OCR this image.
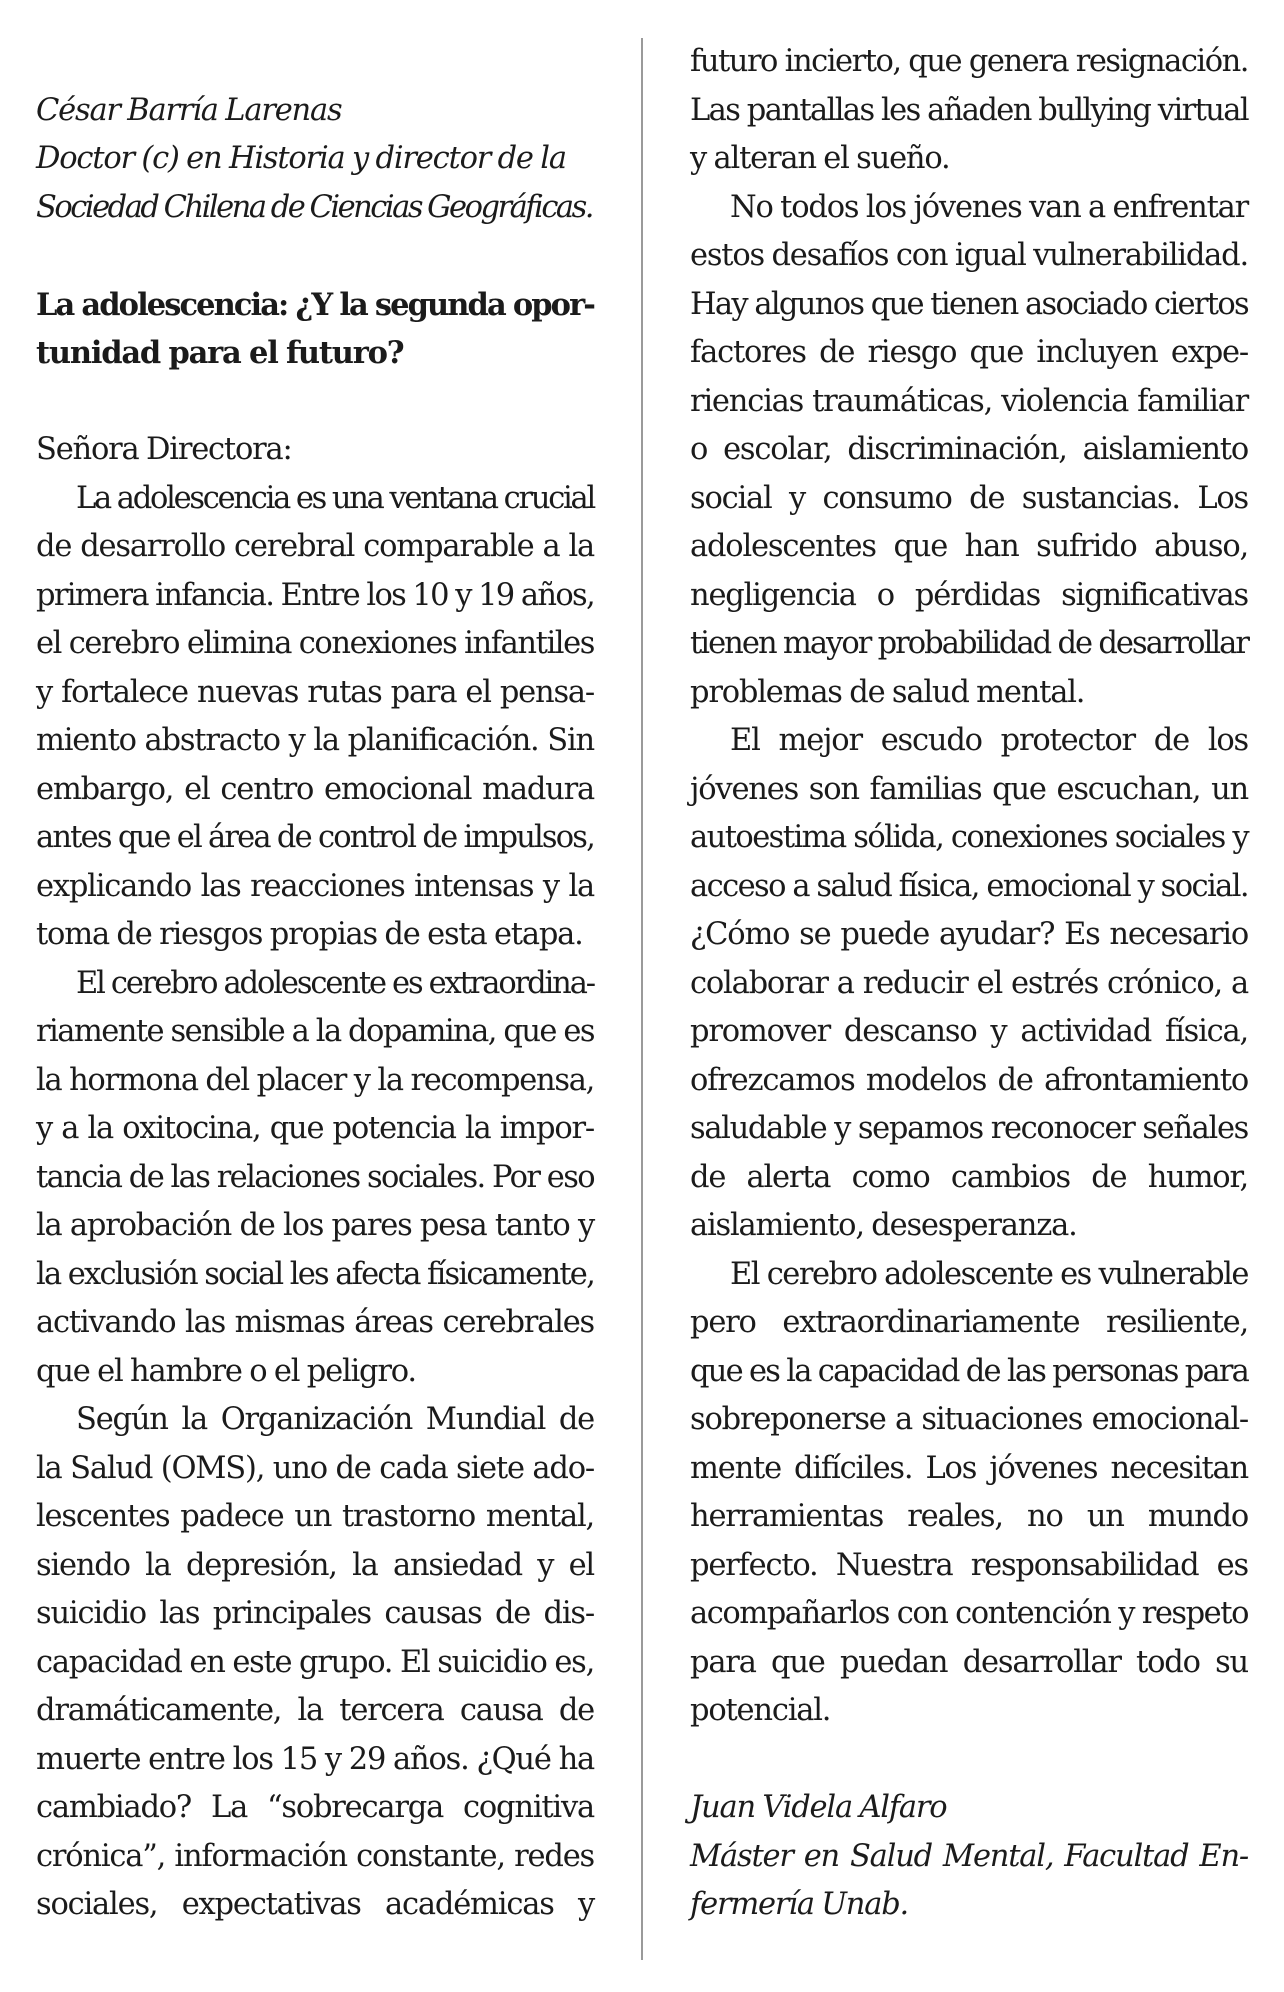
César Barría Larenas
Doctor (c) en Historia y director de la
Sociedad Chilena de Ciencias Geográficas.
La adolescencia: ¿Y la segunda opor-
tunidad para el futuro?
Señora Directora:
La adolescencia es una ventana crucial
de desarrollo cerebral comparable a la
primera infancia. Entre los 10 y 19 años,
el cerebro elimina conexiones infantiles
y fortalece nuevas rutas para el pensa-
miento abstracto y la planificación. Sin
embargo, el centro emocional madura
antes que el área de control de impulsos,
explicando las reacciones intensas y la
toma de riesgos propias de esta etapa.
El cerebro adolescente es extraordina-
riamente sensible a la dopamina, que es
la hormona del placer y la recompensa,
y a la oxitocina, que potencia la impor-
tancia de las relaciones sociales. Por eso
la aprobación de los pares pesa tanto y
la exclusión social les afecta físicamente,
activando las mismas áreas cerebrales
que el hambre o el peligro.
Según la Organización Mundial de
la Salud (OMS), uno de cada siete ado-
lescentes padece un trastorno mental,
siendo la depresión, la ansiedad y el
suicidio las principales causas de dis-
capacidad en este grupo. El suicidio es,
dramáticamente, la tercera causa de
muerte entre los 15 y 29 años. ¿Qué ha
cambiado? La “sobrecarga cognitiva
crónica”, información constante, redes
sociales, expectativas académicas y
futuro incierto, que genera resignación.
Las pantallas les añaden bullying virtual
y alteran el sueño.
No todos los jóvenes van a enfrentar
estos desafíos con igual vulnerabilidad.
Hay algunos que tienen asociado ciertos
factores de riesgo que incluyen expe-
riencias traumáticas, violencia familiar
o escolar, discriminación, aislamiento
social y consumo de sustancias. Los
adolescentes que han sufrido abuso,
negligencia o pérdidas significativas
tienen mayor probabilidad de desarrollar
problemas de salud mental.
El mejor escudo protector de los
jóvenes son familias que escuchan, un
autoestima sólida, conexiones sociales y
acceso a salud física, emocional y social.
¿Cómo se puede ayudar? Es necesario
colaborar a reducir el estrés crónico, a
promover descanso y actividad física,
ofrezcamos modelos de afrontamiento
saludable y sepamos reconocer señales
de alerta como cambios de humor,
aislamiento, desesperanza.
El cerebro adolescente es vulnerable
pero extraordinariamente resiliente,
que es la capacidad de las personas para
sobreponerse a situaciones emocional-
mente difíciles. Los jóvenes necesitan
herramientas reales, no un mundo
perfecto. Nuestra responsabilidad es
acompañarlos con contención y respeto
para que puedan desarrollar todo su
potencial.
Juan Videla Alfaro
Máster en Salud Mental, Facultad En-
fermería Unab.
